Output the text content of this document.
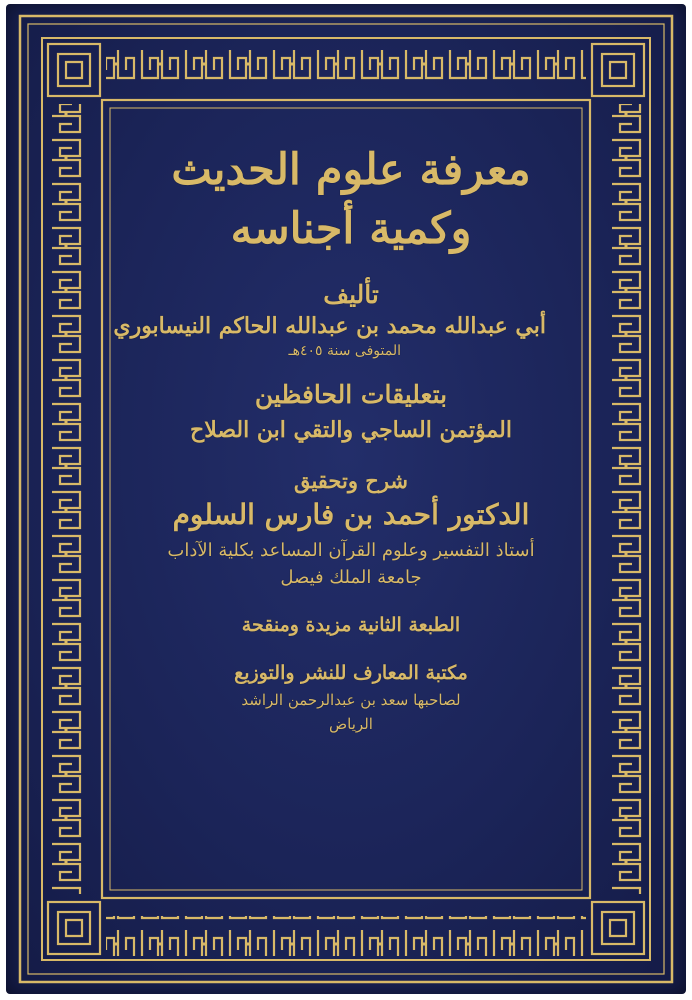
معرفة علوم الحديث
وكمية أجناسه
تأليف
أبي عبدالله محمد بن عبدالله الحاكم النيسابوري
المتوفى سنة ٤٠٥هـ
بتعليقات الحافظين
المؤتمن الساجي والتقي ابن الصلاح
شرح وتحقيق
الدكتور أحمد بن فارس السلوم
أستاذ التفسير وعلوم القرآن المساعد بكلية الآداب
جامعة الملك فيصل
الطبعة الثانية مزيدة ومنقحة
مكتبة المعارف للنشر والتوزيع
لصاحبها سعد بن عبدالرحمن الراشد
الرياض
